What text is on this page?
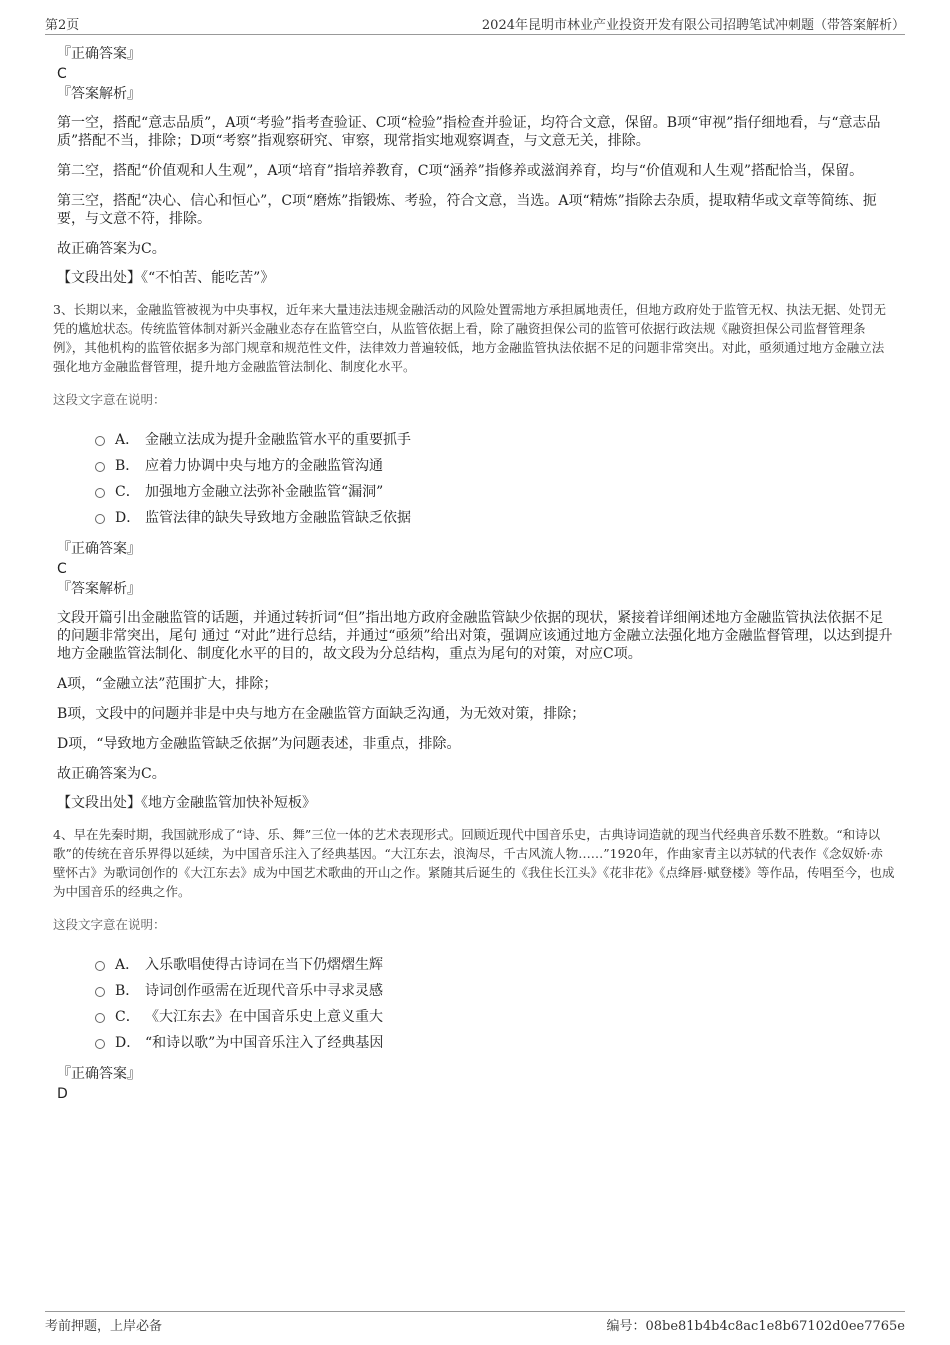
第2页	2024年昆明市林业产业投资开发有限公司招聘笔试冲刺题（带答案解析）

『正确答案』

C

『答案解析』

第一空，搭配“意志品质”，A项“考验”指考查验证、C项“检验”指检查并验证，均符合文意，保留。B项“审视”指仔细地看，与“意志品质”搭配不当，排除；D项“考察”指观察研究、审察，现常指实地观察调查，与文意无关，排除。

第二空，搭配“价值观和人生观”，A项“培育”指培养教育，C项“涵养”指修养或滋润养育，均与“价值观和人生观”搭配恰当，保留。

第三空，搭配“决心、信心和恒心”，C项“磨炼”指锻炼、考验，符合文意，当选。A项“精炼”指除去杂质，提取精华或文章等简练、扼要，与文意不符，排除。

故正确答案为C。

【文段出处】《“不怕苦、能吃苦”》

3、长期以来，金融监管被视为中央事权，近年来大量违法违规金融活动的风险处置需地方承担属地责任，但地方政府处于监管无权、执法无据、处罚无凭的尴尬状态。传统监管体制对新兴金融业态存在监管空白，从监管依据上看，除了融资担保公司的监管可依据行政法规《融资担保公司监督管理条例》，其他机构的监管依据多为部门规章和规范性文件，法律效力普遍较低，地方金融监管执法依据不足的问题非常突出。对此，亟须通过地方金融立法强化地方金融监督管理，提升地方金融监管法制化、制度化水平。

这段文字意在说明：

A． 金融立法成为提升金融监管水平的重要抓手
B． 应着力协调中央与地方的金融监管沟通
C． 加强地方金融立法弥补金融监管“漏洞”
D． 监管法律的缺失导致地方金融监管缺乏依据

『正确答案』

C

『答案解析』

文段开篇引出金融监管的话题，并通过转折词“但”指出地方政府金融监管缺少依据的现状，紧接着详细阐述地方金融监管执法依据不足的问题非常突出，尾句 通过 “对此”进行总结，并通过“亟须”给出对策，强调应该通过地方金融立法强化地方金融监督管理，以达到提升地方金融监管法制化、制度化水平的目的，故文段为分总结构，重点为尾句的对策，对应C项。

A项，“金融立法”范围扩大，排除；

B项，文段中的问题并非是中央与地方在金融监管方面缺乏沟通，为无效对策，排除；

D项，“导致地方金融监管缺乏依据”为问题表述，非重点，排除。

故正确答案为C。

【文段出处】《地方金融监管加快补短板》

4、早在先秦时期，我国就形成了“诗、乐、舞”三位一体的艺术表现形式。回顾近现代中国音乐史，古典诗词造就的现当代经典音乐数不胜数。“和诗以歌”的传统在音乐界得以延续，为中国音乐注入了经典基因。“大江东去，浪淘尽，千古风流人物……”1920年，作曲家青主以苏轼的代表作《念奴娇·赤壁怀古》为歌词创作的《大江东去》成为中国艺术歌曲的开山之作。紧随其后诞生的《我住长江头》《花非花》《点绛唇·赋登楼》等作品，传唱至今，也成为中国音乐的经典之作。

这段文字意在说明：

A． 入乐歌唱使得古诗词在当下仍熠熠生辉
B． 诗词创作亟需在近现代音乐中寻求灵感
C． 《大江东去》在中国音乐史上意义重大
D． “和诗以歌”为中国音乐注入了经典基因

『正确答案』

D

考前押题，上岸必备	编号：08be81b4b4c8ac1e8b67102d0ee7765e
